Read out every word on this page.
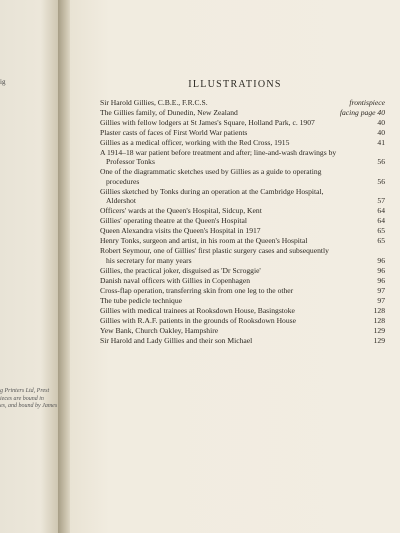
ig
g Printers Ltd, Prest
ieces are bound in
es, and bound by James
ILLUSTRATIONS
Sir Harold Gillies, C.B.E., F.R.C.S.	frontispiece
The Gillies family, of Dunedin, New Zealand	facing page 40
Gillies with fellow lodgers at St James's Square, Holland Park, c. 1907	40
Plaster casts of faces of First World War patients	40
Gillies as a medical officer, working with the Red Cross, 1915	41
A 1914–18 war patient before treatment and after; line-and-wash drawings by Professor Tonks	56
One of the diagrammatic sketches used by Gillies as a guide to operating procedures	56
Gillies sketched by Tonks during an operation at the Cambridge Hospital, Aldershot	57
Officers' wards at the Queen's Hospital, Sidcup, Kent	64
Gillies' operating theatre at the Queen's Hospital	64
Queen Alexandra visits the Queen's Hospital in 1917	65
Henry Tonks, surgeon and artist, in his room at the Queen's Hospital	65
Robert Seymour, one of Gillies' first plastic surgery cases and subsequently his secretary for many years	96
Gillies, the practical joker, disguised as 'Dr Scroggie'	96
Danish naval officers with Gillies in Copenhagen	96
Cross-flap operation, transferring skin from one leg to the other	97
The tube pedicle technique	97
Gillies with medical trainees at Rooksdown House, Basingstoke	128
Gillies with R.A.F. patients in the grounds of Rooksdown House	128
Yew Bank, Church Oakley, Hampshire	129
Sir Harold and Lady Gillies and their son Michael	129
